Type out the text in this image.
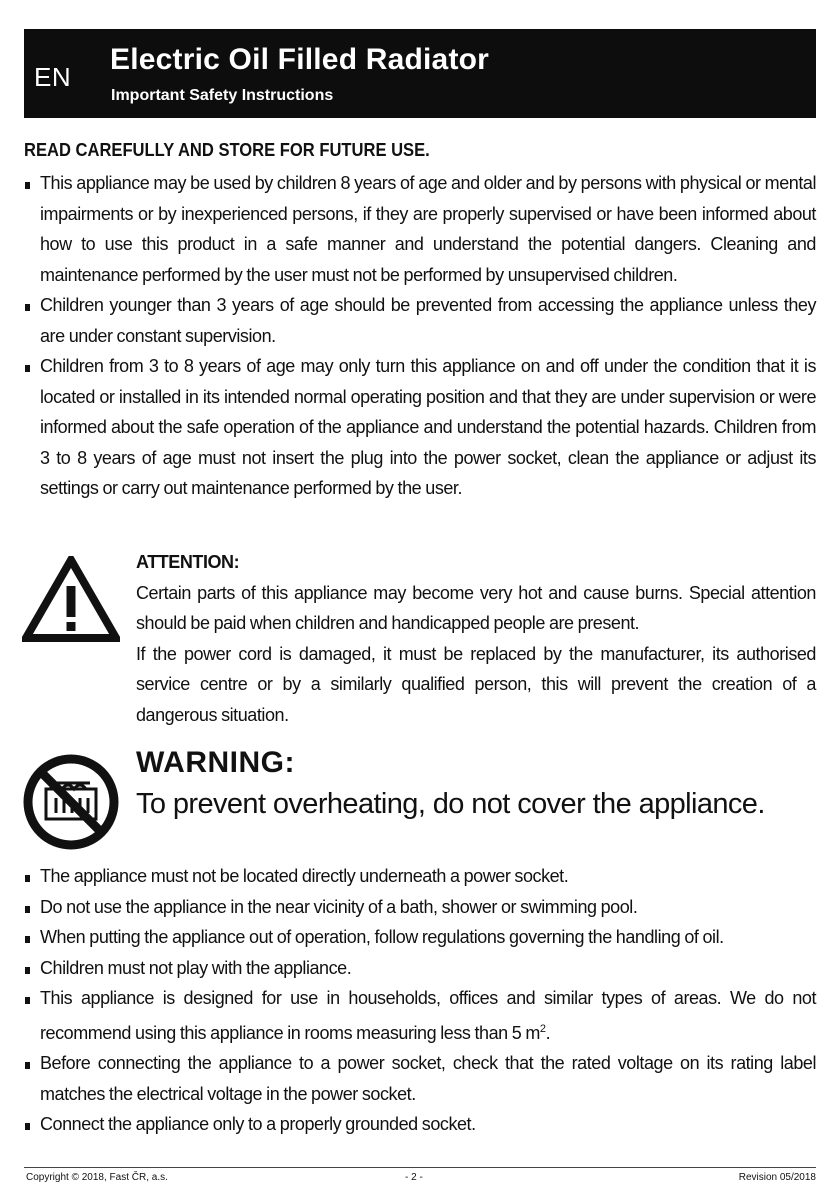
EN
Electric Oil Filled Radiator
Important Safety Instructions
READ CAREFULLY AND STORE FOR FUTURE USE.
This appliance may be used by children 8 years of age and older and by persons with physical or mental impairments or by inexperienced persons, if they are properly supervised or have been informed about how to use this product in a safe manner and understand the potential dangers. Cleaning and maintenance performed by the user must not be performed by unsupervised children.
Children younger than 3 years of age should be prevented from accessing the appliance unless they are under constant supervision.
Children from 3 to 8 years of age may only turn this appliance on and off under the condition that it is located or installed in its intended normal operating position and that they are under supervision or were informed about the safe operation of the appliance and understand the potential hazards. Children from 3 to 8 years of age must not insert the plug into the power socket, clean the appliance or adjust its settings or carry out maintenance performed by the user.
ATTENTION:

Certain parts of this appliance may become very hot and cause burns. Special attention should be paid when children and handicapped people are present.

If the power cord is damaged, it must be replaced by the manufacturer, its authorised service centre or by a similarly qualified person, this will prevent the creation of a dangerous situation.

WARNING:
To prevent overheating, do not cover the appliance.
The appliance must not be located directly underneath a power socket.
Do not use the appliance in the near vicinity of a bath, shower or swimming pool.
When putting the appliance out of operation, follow regulations governing the handling of oil.
Children must not play with the appliance.
This appliance is designed for use in households, offices and similar types of areas. We do not recommend using this appliance in rooms measuring less than 5 $m^2$.
Before connecting the appliance to a power socket, check that the rated voltage on its rating label matches the electrical voltage in the power socket.
Connect the appliance only to a properly grounded socket.
Copyright © 2018, Fast ČR, a.s.	- 2 -	Revision 05/2018
